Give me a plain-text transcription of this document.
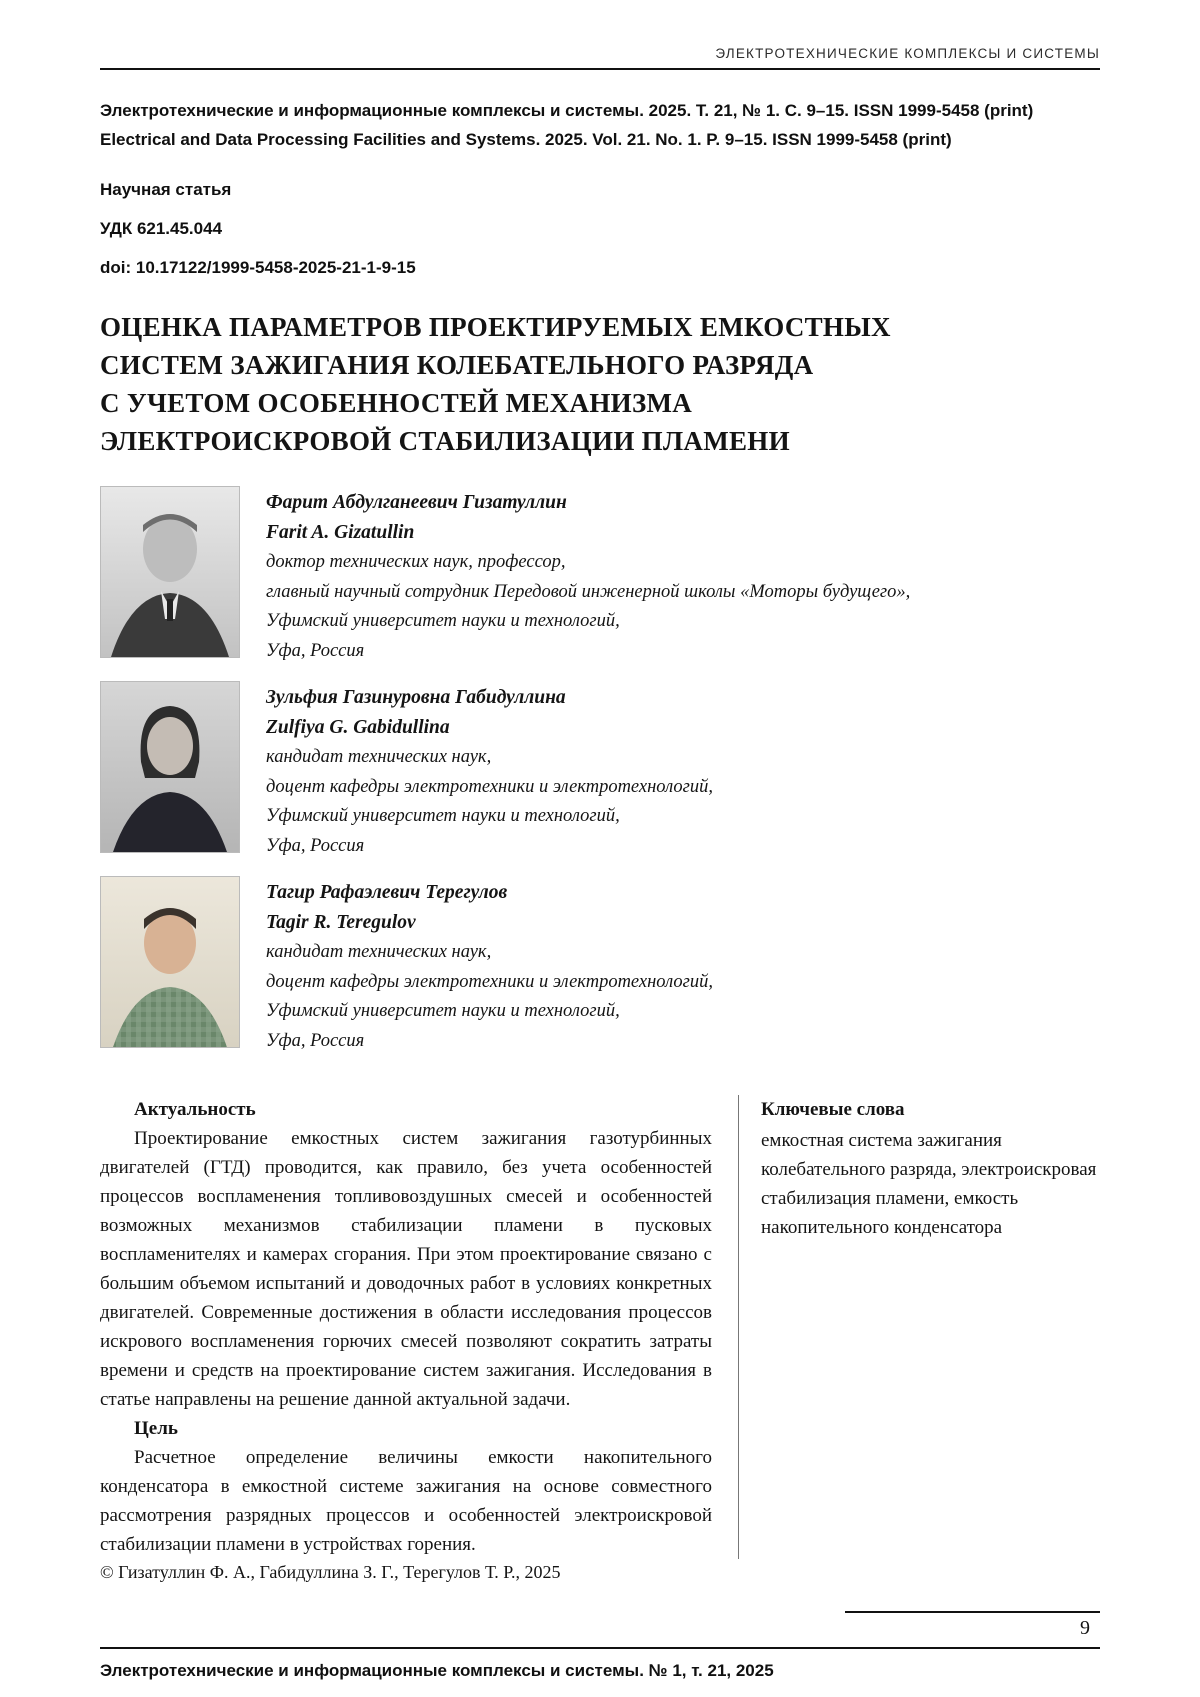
ЭЛЕКТРОТЕХНИЧЕСКИЕ КОМПЛЕКСЫ И СИСТЕМЫ
Электротехнические и информационные комплексы и системы. 2025. Т. 21, № 1. С. 9–15. ISSN 1999-5458 (print)
Electrical and Data Processing Facilities and Systems. 2025. Vol. 21. No. 1. P. 9–15. ISSN 1999-5458 (print)
Научная статья
УДК 621.45.044
doi: 10.17122/1999-5458-2025-21-1-9-15
ОЦЕНКА ПАРАМЕТРОВ ПРОЕКТИРУЕМЫХ ЕМКОСТНЫХ
СИСТЕМ ЗАЖИГАНИЯ КОЛЕБАТЕЛЬНОГО РАЗРЯДА
С УЧЕТОМ ОСОБЕННОСТЕЙ МЕХАНИЗМА
ЭЛЕКТРОИСКРОВОЙ СТАБИЛИЗАЦИИ ПЛАМЕНИ
Фарит Абдулганеевич Гизатуллин
Farit A. Gizatullin
доктор технических наук, профессор,
главный научный сотрудник Передовой инженерной школы «Моторы будущего»,
Уфимский университет науки и технологий,
Уфа, Россия
Зульфия Газинуровна Габидуллина
Zulfiya G. Gabidullina
кандидат технических наук,
доцент кафедры электротехники и электротехнологий,
Уфимский университет науки и технологий,
Уфа, Россия
Тагир Рафаэлевич Терегулов
Tagir R. Teregulov
кандидат технических наук,
доцент кафедры электротехники и электротехнологий,
Уфимский университет науки и технологий,
Уфа, Россия
Актуальность

Проектирование емкостных систем зажигания газотурбинных двигателей (ГТД) проводится, как правило, без учета особенностей процессов воспламенения топливовоздушных смесей и особенностей возможных механизмов стабилизации пламени в пусковых воспламенителях и камерах сгорания. При этом проектирование связано с большим объемом испытаний и доводочных работ в условиях конкретных двигателей. Современные достижения в области исследования процессов искрового воспламенения горючих смесей позволяют сократить затраты времени и средств на проектирование систем зажигания. Исследования в статье направлены на решение данной актуальной задачи.

Цель

Расчетное определение величины емкости накопительного конденсатора в емкостной системе зажигания на основе совместного рассмотрения разрядных процессов и особенностей электроискровой стабилизации пламени в устройствах горения.

Ключевые слова
емкостная система зажигания колебательного разряда, электроискровая стабилизация пламени, емкость накопительного конденсатора
© Гизатуллин Ф. А., Габидуллина З. Г., Терегулов Т. Р., 2025
9
Электротехнические и информационные комплексы и системы. № 1, т. 21, 2025
